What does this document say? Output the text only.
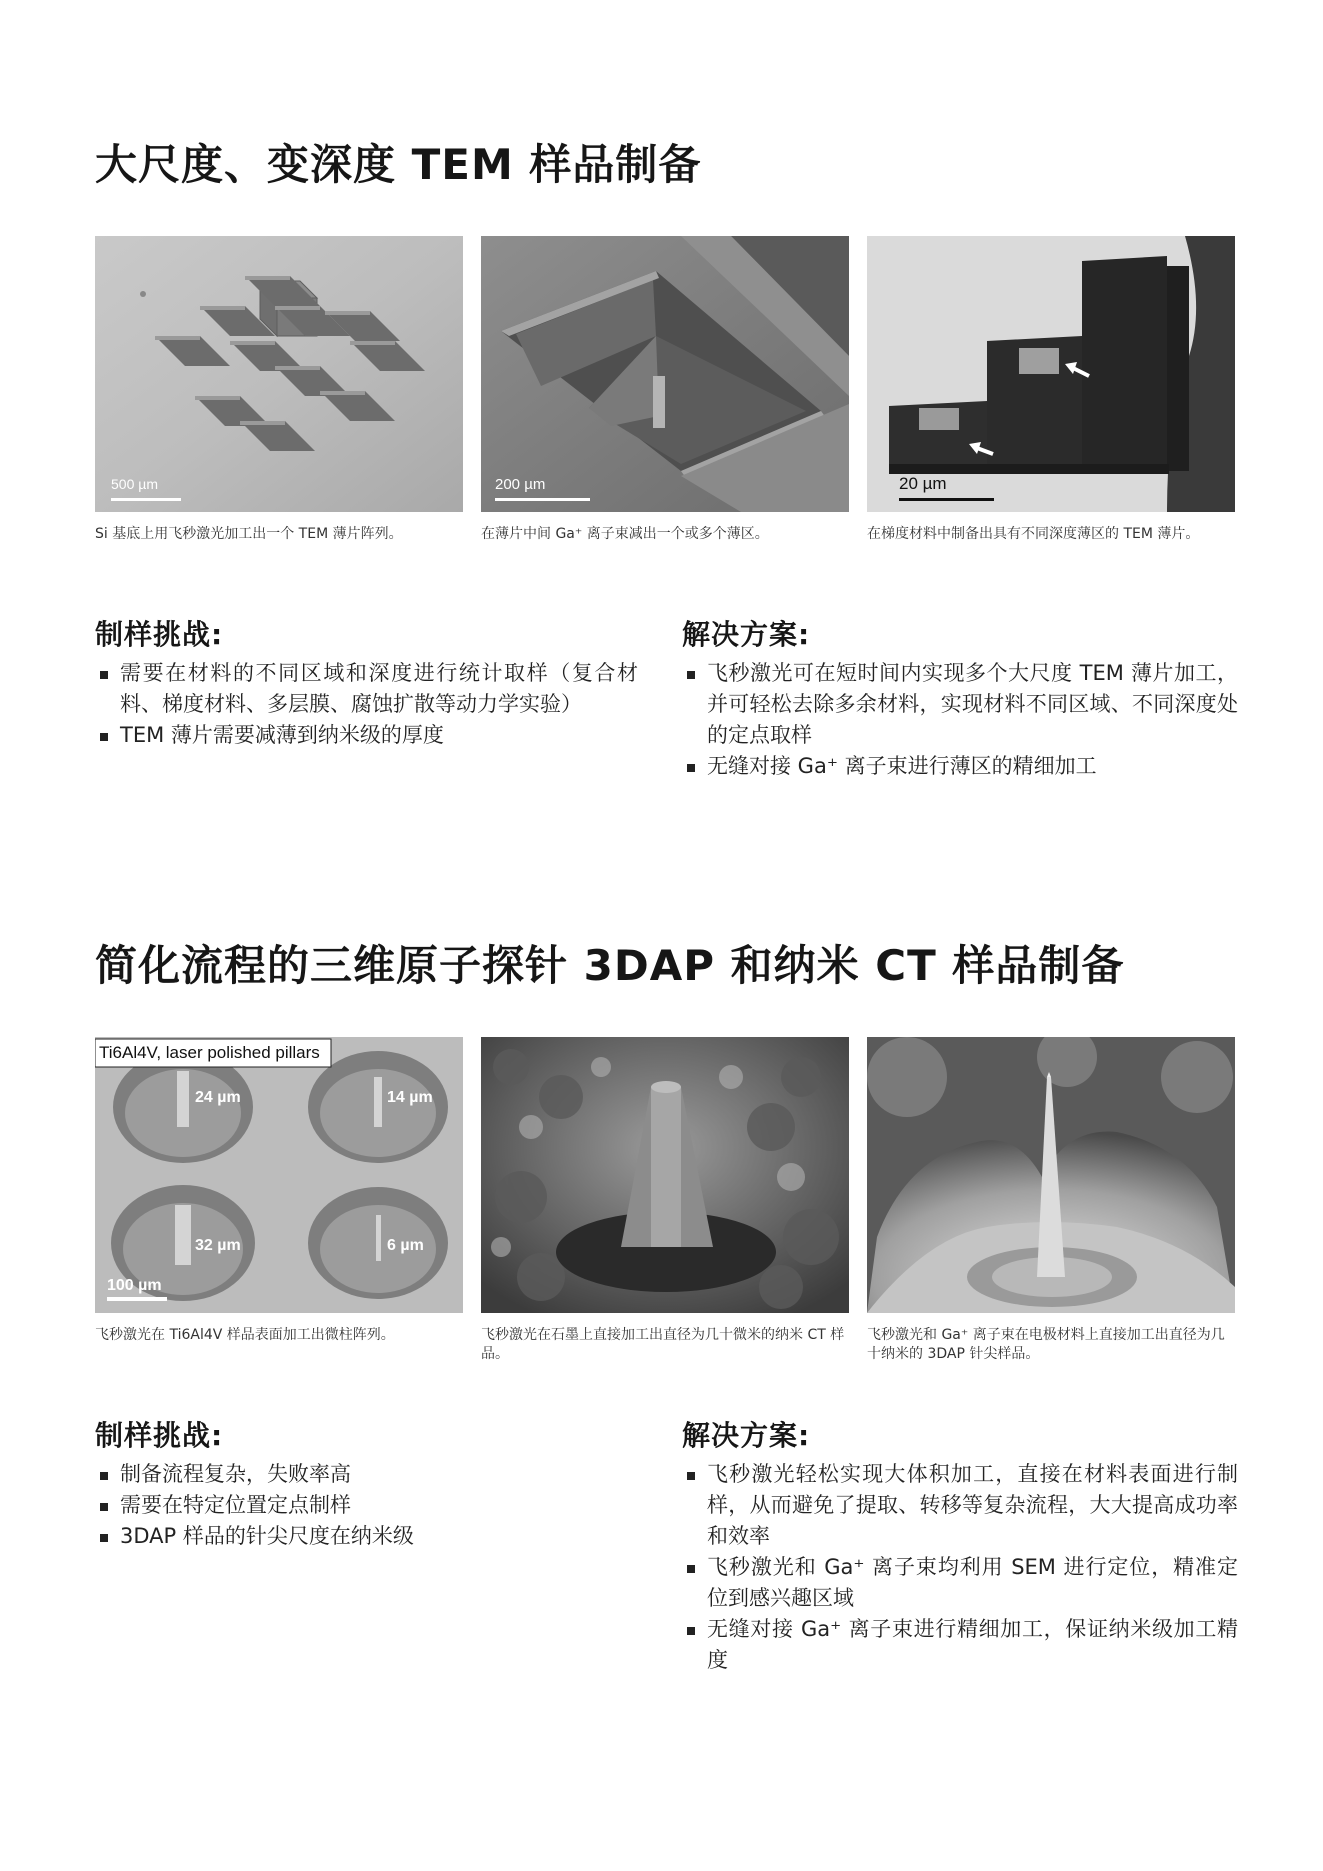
大尺度、变深度 TEM 样品制备
500 µm

Si 基底上用飞秒激光加工出一个 TEM 薄片阵列。

200 µm

在薄片中间 Ga⁺ 离子束减出一个或多个薄区。

20 µm

在梯度材料中制备出具有不同深度薄区的 TEM 薄片。

制样挑战:
需要在材料的不同区域和深度进行统计取样（复合材料、梯度材料、多层膜、腐蚀扩散等动力学实验）
TEM 薄片需要减薄到纳米级的厚度
解决方案:
飞秒激光可在短时间内实现多个大尺度 TEM 薄片加工，并可轻松去除多余材料，实现材料不同区域、不同深度处的定点取样
无缝对接 Ga⁺ 离子束进行薄区的精细加工
简化流程的三维原子探针 3DAP 和纳米 CT 样品制备
Ti6Al4V, laser polished pillars
24 µm	14 µm
32 µm	6 µm
100 µm

飞秒激光在 Ti6Al4V 样品表面加工出微柱阵列。	飞秒激光在石墨上直接加工出直径为几十微米的纳米 CT 样品。

飞秒激光和 Ga⁺ 离子束在电极材料上直接加工出直径为几十纳米的 3DAP 针尖样品。

制样挑战:
制备流程复杂，失败率高
需要在特定位置定点制样
3DAP 样品的针尖尺度在纳米级
解决方案:
飞秒激光轻松实现大体积加工，直接在材料表面进行制样，从而避免了提取、转移等复杂流程，大大提高成功率和效率
飞秒激光和 Ga⁺ 离子束均利用 SEM 进行定位，精准定位到感兴趣区域
无缝对接 Ga⁺ 离子束进行精细加工，保证纳米级加工精度
